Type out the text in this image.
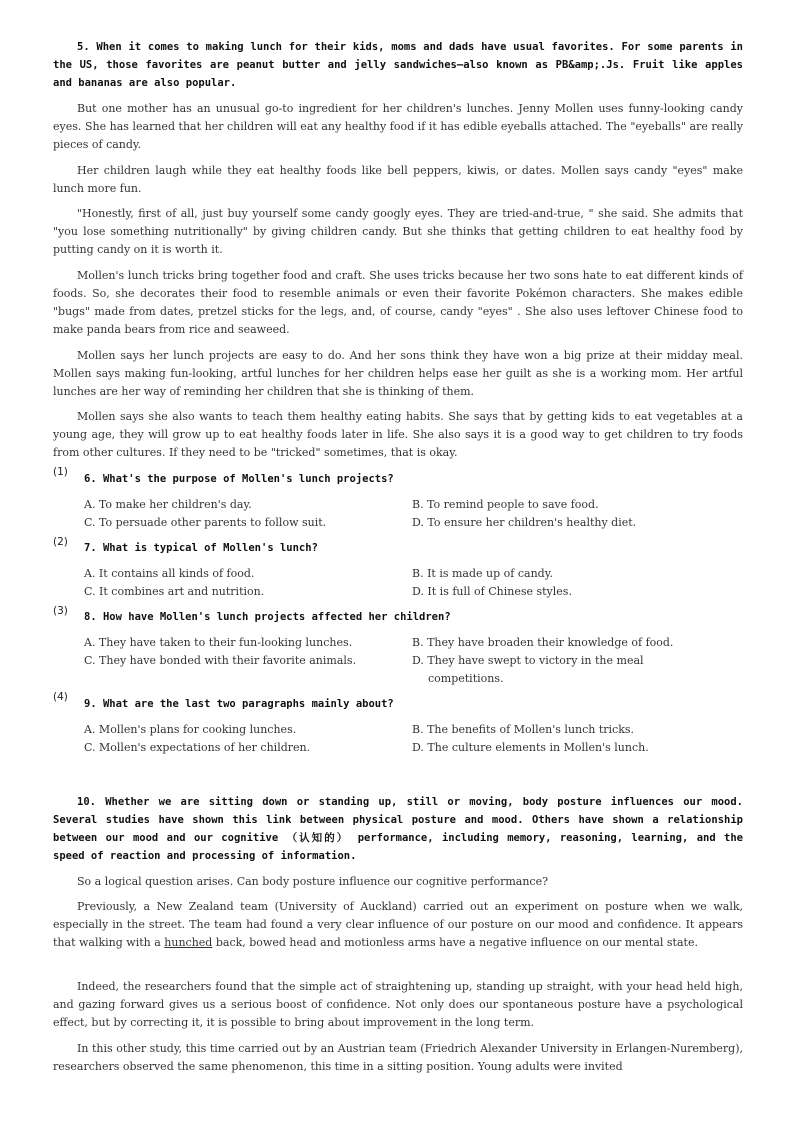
5. When it comes to making lunch for their kids, moms and dads have usual favorites. For some parents in the US, those favorites are peanut butter and jelly sandwiches—also known as PB&amp;.Js. Fruit like apples and bananas are also popular.

But one mother has an unusual go-to ingredient for her children's lunches. Jenny Mollen uses funny-looking candy eyes. She has learned that her children will eat any healthy food if it has edible eyeballs attached. The "eyeballs" are really pieces of candy.

Her children laugh while they eat healthy foods like bell peppers, kiwis, or dates. Mollen says candy "eyes" make lunch more fun.

"Honestly, first of all, just buy yourself some candy googly eyes. They are tried-and-true, " she said. She admits that "you lose something nutritionally" by giving children candy. But she thinks that getting children to eat healthy food by putting candy on it is worth it.

Mollen's lunch tricks bring together food and craft. She uses tricks because her two sons hate to eat different kinds of foods. So, she decorates their food to resemble animals or even their favorite Pokémon characters. She makes edible "bugs" made from dates, pretzel sticks for the legs, and, of course, candy "eyes" . She also uses leftover Chinese food to make panda bears from rice and seaweed.

Mollen says her lunch projects are easy to do. And her sons think they have won a big prize at their midday meal. Mollen says making fun-looking, artful lunches for her children helps ease her guilt as she is a working mom. Her artful lunches are her way of reminding her children that she is thinking of them.

Mollen says she also wants to teach them healthy eating habits. She says that by getting kids to eat vegetables at a young age, they will grow up to eat healthy foods later in life. She also says it is a good way to get children to try foods from other cultures. If they need to be "tricked" sometimes, that is okay.

(1)
6. What's the purpose of Mollen's lunch projects?
A. To make her children's day.	B. To remind people to save food.
C. To persuade other parents to follow suit.	D. To ensure her children's healthy diet.
(2) 7. What is typical of Mollen's lunch?
A. It contains all kinds of food.	B. It is made up of candy.
C. It combines art and nutrition.	D. It is full of Chinese styles.
(3) 8. How have Mollen's lunch projects affected her children?
A. They have taken to their fun-looking lunches.	B. They have broaden their knowledge of food.
C. They have bonded with their favorite animals.	D. They have swept to victory in the meal competitions.
(4)
9. What are the last two paragraphs mainly about?
A. Mollen's plans for cooking lunches.	B. The benefits of Mollen's lunch tricks.
C. Mollen's expectations of her children.	D. The culture elements in Mollen's lunch.

10. Whether we are sitting down or standing up, still or moving, body posture influences our mood. Several studies have shown this link between physical posture and mood. Others have shown a relationship between our mood and our cognitive （认知的） performance, including memory, reasoning, learning, and the speed of reaction and processing of information.

So a logical question arises. Can body posture influence our cognitive performance?

Previously, a New Zealand team (University of Auckland) carried out an experiment on posture when we walk, especially in the street. The team had found a very clear influence of our posture on our mood and confidence. It appears that walking with a hunched back, bowed head and motionless arms have a negative influence on our mental state.

Indeed, the researchers found that the simple act of straightening up, standing up straight, with your head held high, and gazing forward gives us a serious boost of confidence. Not only does our spontaneous posture have a psychological effect, but by correcting it, it is possible to bring about improvement in the long term.

In this other study, this time carried out by an Austrian team (Friedrich Alexander University in Erlangen-Nuremberg), researchers observed the same phenomenon, this time in a sitting position. Young adults were invited
